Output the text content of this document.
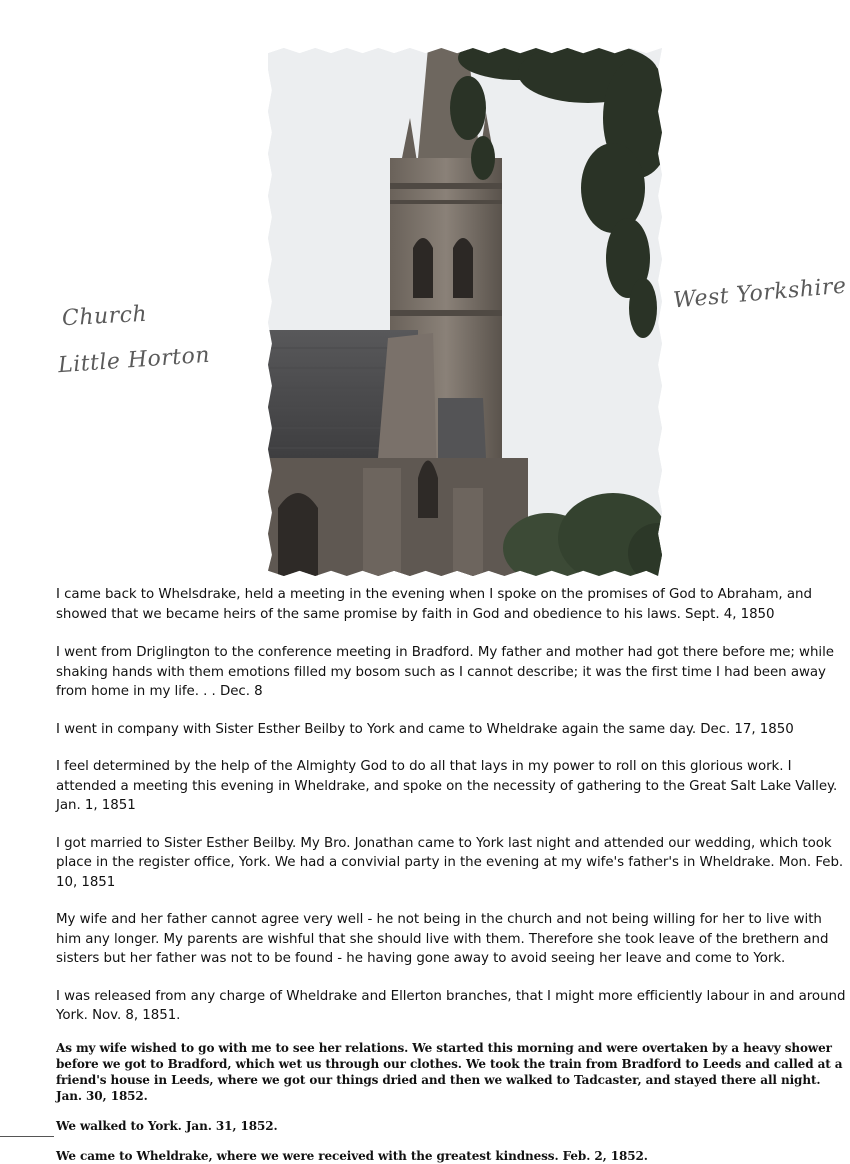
Church
Little Horton
West Yorkshire

I came back to Whelsdrake, held a meeting in the evening when I spoke on the promises of God to Abraham, and showed that we became heirs of the same promise by faith in God and obedience to his laws. Sept. 4, 1850

I went from Driglington to the conference meeting in Bradford. My father and mother had got there before me; while shaking hands with them emotions filled my bosom such as I cannot describe; it was the first time I had been away from home in my life. . . Dec. 8

I went in company with Sister Esther Beilby to York and came to Wheldrake again the same day. Dec. 17, 1850

I feel determined by the help of the Almighty God to do all that lays in my power to roll on this glorious work. I attended a meeting this evening in Wheldrake, and spoke on the necessity of gathering to the Great Salt Lake Valley. Jan. 1, 1851

I got married to Sister Esther Beilby. My Bro. Jonathan came to York last night and attended our wedding, which took place in the register office, York. We had a convivial party in the evening at my wife's father's in Wheldrake. Mon. Feb. 10, 1851

My wife and her father cannot agree very well - he not being in the church and not being willing for her to live with him any longer. My parents are wishful that she should live with them. Therefore she took leave of the brethern and sisters but her father was not to be found - he having gone away to avoid seeing her leave and come to York.

I was released from any charge of Wheldrake and Ellerton branches, that I might more efficiently labour in and around York. Nov. 8, 1851.

As my wife wished to go with me to see her relations. We started this morning and were overtaken by a heavy shower before we got to Bradford, which wet us through our clothes. We took the train from Bradford to Leeds and called at a friend's house in Leeds, where we got our things dried and then we walked to Tadcaster, and stayed there all night. Jan. 30, 1852.

We walked to York. Jan. 31, 1852.

We came to Wheldrake, where we were received with the greatest kindness. Feb. 2, 1852.
